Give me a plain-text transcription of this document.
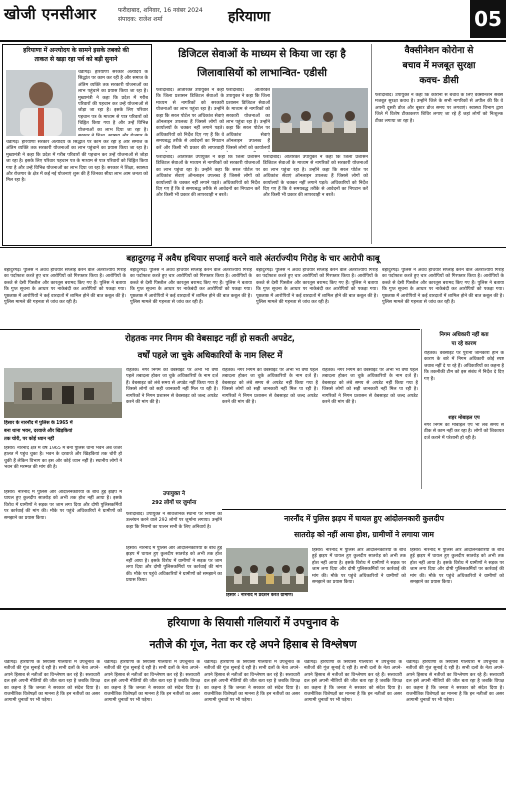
खोजी एनसीआर	फरीदाबाद, शनिवार, 16 नवंबर 2024
संपादक: राजेश शर्मा	हरियाणा	05
हरियाणा में अन्त्योदय के सामने इसके तबको की
ताकत से खड़ा रहा पर्व को बड़ी सुनाने
चंडीगढ़। हरियाणा सरकार अंत्योदय के सिद्धांत पर काम कर रही है और समाज के अंतिम व्यक्ति तक सरकारी योजनाओं का लाभ पहुंचाने का प्रयास किया जा रहा है। मुख्यमंत्री ने कहा कि प्रदेश में गरीब परिवारों की पहचान कर उन्हें योजनाओं से जोड़ा जा रहा है। इसके लिए परिवार पहचान पत्र के माध्यम से पात्र परिवारों को चिह्नित किया गया है और उन्हें विभिन्न योजनाओं का लाभ दिया जा रहा है।
चंडीगढ़। हरियाणा सरकार अंत्योदय के सिद्धांत पर काम कर रही है और समाज के अंतिम व्यक्ति तक सरकारी योजनाओं का लाभ पहुंचाने का प्रयास किया जा रहा है। मुख्यमंत्री ने कहा कि प्रदेश में गरीब परिवारों की पहचान कर उन्हें योजनाओं से जोड़ा जा रहा है। इसके लिए परिवार पहचान पत्र के माध्यम से पात्र परिवारों को चिह्नित किया गया है और उन्हें विभिन्न योजनाओं का लाभ दिया जा रहा है। सरकार ने शिक्षा, स्वास्थ्य और रोजगार के क्षेत्र में कई नई योजनाएं शुरू की हैं जिनका सीधा लाभ आम जनता को मिल रहा है।
डिजिटल सेवाओं के माध्यम से किया जा रहा है
जिलावासियों को लाभान्वित- एडीसी
फरीदाबाद। अतिरिक्त उपायुक्त ने कहा कि जिला प्रशासन डिजिटल सेवाओं के माध्यम से नागरिकों को सरकारी योजनाओं का लाभ पहुंचा रहा है। उन्होंने कहा कि सरल पोर्टल पर अधिकांश सेवाएं ऑनलाइन उपलब्ध हैं जिससे लोगों को कार्यालयों के चक्कर नहीं लगाने पड़ते। अधिकारियों को निर्देश दिए गए हैं कि वे समयबद्ध तरीके से आवेदनों का निपटान करें और किसी भी प्रकार की लापरवाही
फरीदाबाद। अतिरिक्त उपायुक्त ने कहा कि जिला प्रशासन डिजिटल सेवाओं के माध्यम से नागरिकों को सरकारी योजनाओं का लाभ पहुंचा रहा है। उन्होंने कहा कि सरल पोर्टल पर अधिकांश सेवाएं ऑनलाइन उपलब्ध हैं जिससे लोगों को कार्यालयों
फरीदाबाद। अतिरिक्त उपायुक्त ने कहा कि जिला प्रशासन डिजिटल सेवाओं के माध्यम से नागरिकों को सरकारी योजनाओं का लाभ पहुंचा रहा है। उन्होंने कहा कि सरल पोर्टल पर अधिकांश सेवाएं ऑनलाइन उपलब्ध हैं जिससे लोगों को कार्यालयों के चक्कर नहीं लगाने पड़ते। अधिकारियों को निर्देश दिए गए हैं कि वे समयबद्ध तरीके से आवेदनों का निपटान करें और किसी भी प्रकार की लापरवाही न बरतें।
फरीदाबाद। अतिरिक्त उपायुक्त ने कहा कि जिला प्रशासन डिजिटल सेवाओं के माध्यम से नागरिकों को सरकारी योजनाओं का लाभ पहुंचा रहा है। उन्होंने कहा कि सरल पोर्टल पर अधिकांश सेवाएं ऑनलाइन उपलब्ध हैं जिससे लोगों को कार्यालयों के चक्कर नहीं लगाने पड़ते। अधिकारियों को निर्देश दिए गए हैं कि वे समयबद्ध तरीके से आवेदनों का निपटान करें और किसी भी प्रकार की लापरवाही न बरतें।
वैक्सीनेशन कोरोना से
बचाव में मजबूत सुरक्षा
कवच- डीसी
फरीदाबाद। उपायुक्त ने कहा कि कोरोना से बचाव के लिए वैक्सीनेशन सबसे मजबूत सुरक्षा कवच है। उन्होंने जिले के सभी नागरिकों से अपील की कि वे अपनी दूसरी डोज और बूस्टर डोज समय पर लगवाएं। स्वास्थ्य विभाग द्वारा जिले में विशेष टीकाकरण शिविर लगाए जा रहे हैं जहां लोगों को निःशुल्क टीका लगाया जा रहा है।
बहादुरगढ़ में अवैध हथियार सप्लाई करने वाले अंतर्राज्यीय गिरोह के चार आरोपी काबू
बहादुरगढ़। पुलिस ने अवैध हथियार सप्लाई करने वाले अंतर्राज्यीय गिरोह का पर्दाफाश करते हुए चार आरोपियों को गिरफ्तार किया है। आरोपियों के कब्जे से देसी पिस्तौल और कारतूस बरामद किए गए हैं। पुलिस ने बताया कि गुप्त सूचना के आधार पर नाकेबंदी कर आरोपियों को पकड़ा गया। पूछताछ में आरोपियों ने कई वारदातों में शामिल होने की बात कबूल की है। पुलिस मामले की गहनता से जांच कर रही है।
बहादुरगढ़। पुलिस ने अवैध हथियार सप्लाई करने वाले अंतर्राज्यीय गिरोह का पर्दाफाश करते हुए चार आरोपियों को गिरफ्तार किया है। आरोपियों के कब्जे से देसी पिस्तौल और कारतूस बरामद किए गए हैं। पुलिस ने बताया कि गुप्त सूचना के आधार पर नाकेबंदी कर आरोपियों को पकड़ा गया। पूछताछ में आरोपियों ने कई वारदातों में शामिल होने की बात कबूल की है। पुलिस मामले की गहनता से जांच कर रही है।
बहादुरगढ़। पुलिस ने अवैध हथियार सप्लाई करने वाले अंतर्राज्यीय गिरोह का पर्दाफाश करते हुए चार आरोपियों को गिरफ्तार किया है। आरोपियों के कब्जे से देसी पिस्तौल और कारतूस बरामद किए गए हैं। पुलिस ने बताया कि गुप्त सूचना के आधार पर नाकेबंदी कर आरोपियों को पकड़ा गया। पूछताछ में आरोपियों ने कई वारदातों में शामिल होने की बात कबूल की है। पुलिस मामले की गहनता से जांच कर रही है।
बहादुरगढ़। पुलिस ने अवैध हथियार सप्लाई करने वाले अंतर्राज्यीय गिरोह का पर्दाफाश करते हुए चार आरोपियों को गिरफ्तार किया है। आरोपियों के कब्जे से देसी पिस्तौल और कारतूस बरामद किए गए हैं। पुलिस ने बताया कि गुप्त सूचना के आधार पर नाकेबंदी कर आरोपियों को पकड़ा गया। पूछताछ में आरोपियों ने कई वारदातों में शामिल होने की बात कबूल की है। पुलिस मामले की गहनता से जांच कर रही है।
रोहतक नगर निगम की वेबसाइट नहीं हो सकती अपडेट,
वर्षों पहले जा चुके अधिकारियों के नाम लिस्ट में
रोहतक। नगर निगम की वेबसाइट पर अभी भी वर्षों पहले तबादला होकर जा चुके अधिकारियों के नाम दर्ज हैं। वेबसाइट को लंबे समय से अपडेट नहीं किया गया है जिससे लोगों को सही जानकारी नहीं मिल पा रही है। नागरिकों ने निगम प्रशासन से वेबसाइट को जल्द अपडेट करने की मांग की है।
रोहतक। नगर निगम की वेबसाइट पर अभी भी वर्षों पहले तबादला होकर जा चुके अधिकारियों के नाम दर्ज हैं। वेबसाइट को लंबे समय से अपडेट नहीं किया गया है जिससे लोगों को सही जानकारी नहीं मिल पा रही है। नागरिकों ने निगम प्रशासन से वेबसाइट को जल्द अपडेट करने की मांग की है।
रोहतक। नगर निगम की वेबसाइट पर अभी भी वर्षों पहले तबादला होकर जा चुके अधिकारियों के नाम दर्ज हैं। वेबसाइट को लंबे समय से अपडेट नहीं किया गया है जिससे लोगों को सही जानकारी नहीं मिल पा रही है। नागरिकों ने निगम प्रशासन से वेबसाइट को जल्द अपडेट करने की मांग की है।
निगम अधिकारी नहीं बता
पा रहे कारण
रोहतक। वेबसाइट पर पुरानी जानकारी होने के कारण के बारे में निगम अधिकारी कोई स्पष्ट जवाब नहीं दे पा रहे हैं। अधिकारियों का कहना है कि तकनीकी टीम को इस संबंध में निर्देश दे दिए गए हैं।
शहर मोबाइल एप
नगर निगम का मोबाइल एप भी लंबे समय से ठीक से काम नहीं कर रहा है। लोगों को शिकायत दर्ज कराने में परेशानी हो रही है।
हिसार के नारनौंद में पुलिस के 1965 में
बना थाना भवन, दरवाजे और खिड़कियां
तक चोरी, पर कोई ध्यान नहीं
हिसार। नारनौंद क्षेत्र में वर्ष 1965 में बना पुलिस थाना भवन अब जर्जर हालत में पहुंच चुका है। भवन के दरवाजे और खिड़कियां तक चोरी हो चुकी हैं लेकिन विभाग का इस ओर कोई ध्यान नहीं है। स्थानीय लोगों ने भवन की मरम्मत की मांग की है।
उपायुक्त ने
292 लोगों पर जुर्माना
फरीदाबाद। उपायुक्त ने सार्वजनिक स्थानों पर नियमों का उल्लंघन करने वाले 292 लोगों पर जुर्माना लगाया। उन्होंने कहा कि नियमों का पालन सभी के लिए अनिवार्य है।
नारनौंद में पुलिस झड़प में घायल हुए आंदोलनकारी कुलदीप
सातरोड़ को नहीं आया होश, ग्रामीणों ने लगाया जाम
हिसार। नारनौंद में पुलिस और आंदोलनकारियों के बीच हुई झड़प में घायल हुए कुलदीप सातरोड़ को अभी तक होश नहीं आया है। इसके विरोध में ग्रामीणों ने सड़क पर जाम लगा दिया और दोषी पुलिसकर्मियों पर कार्रवाई की मांग की। मौके पर पहुंचे अधिकारियों ने ग्रामीणों को समझाने का प्रयास किया।
हिसार। नारनौंद में पुलिस और आंदोलनकारियों के बीच हुई झड़प में घायल हुए कुलदीप सातरोड़ को अभी तक होश नहीं आया है। इसके विरोध में ग्रामीणों ने सड़क पर जाम लगा दिया और दोषी पुलिसकर्मियों पर कार्रवाई की मांग की। मौके पर पहुंचे अधिकारियों ने ग्रामीणों को समझाने का प्रयास किया।
हिसार : नारनौंद में प्रदर्शन करते ग्रामीण।
हिसार। नारनौंद में पुलिस और आंदोलनकारियों के बीच हुई झड़प में घायल हुए कुलदीप सातरोड़ को अभी तक होश नहीं आया है। इसके विरोध में ग्रामीणों ने सड़क पर जाम लगा दिया और दोषी पुलिसकर्मियों पर कार्रवाई की मांग की। मौके पर पहुंचे अधिकारियों ने ग्रामीणों को समझाने का प्रयास किया।
हिसार। नारनौंद में पुलिस और आंदोलनकारियों के बीच हुई झड़प में घायल हुए कुलदीप सातरोड़ को अभी तक होश नहीं आया है। इसके विरोध में ग्रामीणों ने सड़क पर जाम लगा दिया और दोषी पुलिसकर्मियों पर कार्रवाई की मांग की। मौके पर पहुंचे अधिकारियों ने ग्रामीणों को समझाने का प्रयास किया।
हरियाणा के सियासी गलियारों में उपचुनाव के
नतीजे की गूंज, नेता कर रहे अपने हिसाब से विश्लेषण
चंडीगढ़। हरियाणा के सियासी गलियारों में उपचुनाव के नतीजों की गूंज सुनाई दे रही है। सभी दलों के नेता अपने-अपने हिसाब से नतीजों का विश्लेषण कर रहे हैं। सत्ताधारी दल इसे अपनी नीतियों की जीत बता रहा है जबकि विपक्ष का कहना है कि जनता ने सरकार को संदेश दिया है। राजनीतिक विशेषज्ञों का मानना है कि इन नतीजों का असर आगामी चुनावों पर भी पड़ेगा।
चंडीगढ़। हरियाणा के सियासी गलियारों में उपचुनाव के नतीजों की गूंज सुनाई दे रही है। सभी दलों के नेता अपने-अपने हिसाब से नतीजों का विश्लेषण कर रहे हैं। सत्ताधारी दल इसे अपनी नीतियों की जीत बता रहा है जबकि विपक्ष का कहना है कि जनता ने सरकार को संदेश दिया है। राजनीतिक विशेषज्ञों का मानना है कि इन नतीजों का असर आगामी चुनावों पर भी पड़ेगा।
चंडीगढ़। हरियाणा के सियासी गलियारों में उपचुनाव के नतीजों की गूंज सुनाई दे रही है। सभी दलों के नेता अपने-अपने हिसाब से नतीजों का विश्लेषण कर रहे हैं। सत्ताधारी दल इसे अपनी नीतियों की जीत बता रहा है जबकि विपक्ष का कहना है कि जनता ने सरकार को संदेश दिया है। राजनीतिक विशेषज्ञों का मानना है कि इन नतीजों का असर आगामी चुनावों पर भी पड़ेगा।
चंडीगढ़। हरियाणा के सियासी गलियारों में उपचुनाव के नतीजों की गूंज सुनाई दे रही है। सभी दलों के नेता अपने-अपने हिसाब से नतीजों का विश्लेषण कर रहे हैं। सत्ताधारी दल इसे अपनी नीतियों की जीत बता रहा है जबकि विपक्ष का कहना है कि जनता ने सरकार को संदेश दिया है। राजनीतिक विशेषज्ञों का मानना है कि इन नतीजों का असर आगामी चुनावों पर भी पड़ेगा।
चंडीगढ़। हरियाणा के सियासी गलियारों में उपचुनाव के नतीजों की गूंज सुनाई दे रही है। सभी दलों के नेता अपने-अपने हिसाब से नतीजों का विश्लेषण कर रहे हैं। सत्ताधारी दल इसे अपनी नीतियों की जीत बता रहा है जबकि विपक्ष का कहना है कि जनता ने सरकार को संदेश दिया है। राजनीतिक विशेषज्ञों का मानना है कि इन नतीजों का असर आगामी चुनावों पर भी पड़ेगा।
